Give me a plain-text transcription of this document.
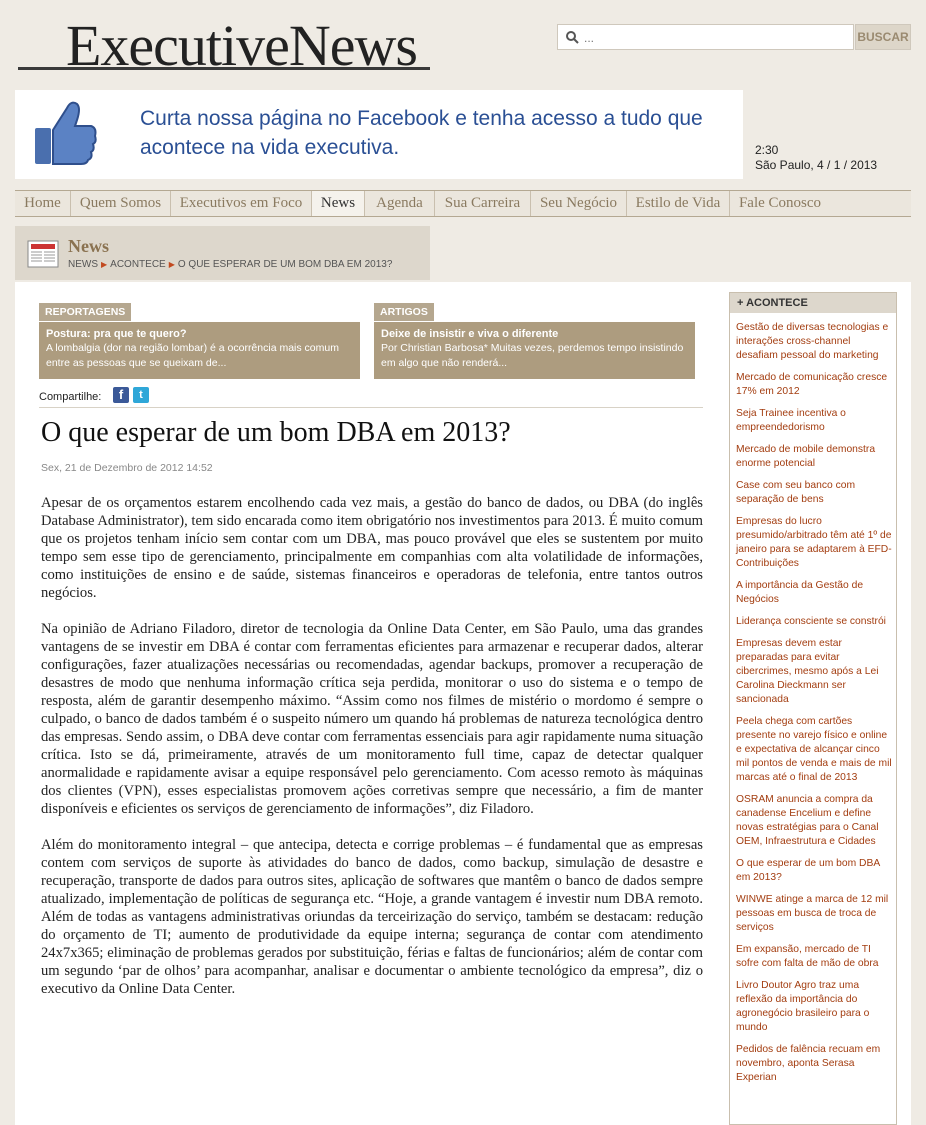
ExecutiveNews
...	BUSCAR
Curta nossa página no Facebook e tenha acesso a tudo que acontece na vida executiva.	2:30
São Paulo, 4 / 1 / 2013
Home	Quem Somos	Executivos em Foco	News	Agenda	Sua Carreira	Seu Negócio	Estilo de Vida	Fale Conosco
News
NEWS ▶ ACONTECE ▶ O QUE ESPERAR DE UM BOM DBA EM 2013?
REPORTAGENS
Postura: pra que te quero?
A lombalgia (dor na região lombar) é a ocorrência mais comum entre as pessoas que se queixam de...
ARTIGOS
Deixe de insistir e viva o diferente
Por Christian Barbosa* Muitas vezes, perdemos tempo insistindo em algo que não renderá...
Compartilhe:	f	t
O que esperar de um bom DBA em 2013?
Sex, 21 de Dezembro de 2012 14:52

Apesar de os orçamentos estarem encolhendo cada vez mais, a gestão do banco de dados, ou DBA (do inglês Database Administrator), tem sido encarada como item obrigatório nos investimentos para 2013. É muito comum que os projetos tenham início sem contar com um DBA, mas pouco provável que eles se sustentem por muito tempo sem esse tipo de gerenciamento, principalmente em companhias com alta volatilidade de informações, como instituições de ensino e de saúde, sistemas financeiros e operadoras de telefonia, entre tantos outros negócios.

Na opinião de Adriano Filadoro, diretor de tecnologia da Online Data Center, em São Paulo, uma das grandes vantagens de se investir em DBA é contar com ferramentas eficientes para armazenar e recuperar dados, alterar configurações, fazer atualizações necessárias ou recomendadas, agendar backups, promover a recuperação de desastres de modo que nenhuma informação crítica seja perdida, monitorar o uso do sistema e o tempo de resposta, além de garantir desempenho máximo. “Assim como nos filmes de mistério o mordomo é sempre o culpado, o banco de dados também é o suspeito número um quando há problemas de natureza tecnológica dentro das empresas. Sendo assim, o DBA deve contar com ferramentas essenciais para agir rapidamente numa situação crítica. Isto se dá, primeiramente, através de um monitoramento full time, capaz de detectar qualquer anormalidade e rapidamente avisar a equipe responsável pelo gerenciamento. Com acesso remoto às máquinas dos clientes (VPN), esses especialistas promovem ações corretivas sempre que necessário, a fim de manter disponíveis e eficientes os serviços de gerenciamento de informações”, diz Filadoro.

Além do monitoramento integral – que antecipa, detecta e corrige problemas – é fundamental que as empresas contem com serviços de suporte às atividades do banco de dados, como backup, simulação de desastre e recuperação, transporte de dados para outros sites, aplicação de softwares que mantêm o banco de dados sempre atualizado, implementação de políticas de segurança etc. “Hoje, a grande vantagem é investir num DBA remoto. Além de todas as vantagens administrativas oriundas da terceirização do serviço, também se destacam: redução do orçamento de TI; aumento de produtividade da equipe interna; segurança de contar com atendimento 24x7x365; eliminação de problemas gerados por substituição, férias e faltas de funcionários; além de contar com um segundo ‘par de olhos’ para acompanhar, analisar e documentar o ambiente tecnológico da empresa”, diz o executivo da Online Data Center.

+ ACONTECE
Gestão de diversas tecnologias e interações cross-channel desafiam pessoal do marketing
Mercado de comunicação cresce 17% em 2012
Seja Trainee incentiva o empreendedorismo
Mercado de mobile demonstra enorme potencial
Case com seu banco com separação de bens
Empresas do lucro presumido/arbitrado têm até 1º de janeiro para se adaptarem à EFD-Contribuições
A importância da Gestão de Negócios
Liderança consciente se constrói
Empresas devem estar preparadas para evitar cibercrimes, mesmo após a Lei Carolina Dieckmann ser sancionada
Peela chega com cartões presente no varejo físico e online e expectativa de alcançar cinco mil pontos de venda e mais de mil marcas até o final de 2013
OSRAM anuncia a compra da canadense Encelium e define novas estratégias para o Canal OEM, Infraestrutura e Cidades
O que esperar de um bom DBA em 2013?
WINWE atinge a marca de 12 mil pessoas em busca de troca de serviços
Em expansão, mercado de TI sofre com falta de mão de obra
Livro Doutor Agro traz uma reflexão da importância do agronegócio brasileiro para o mundo
Pedidos de falência recuam em novembro, aponta Serasa Experian
